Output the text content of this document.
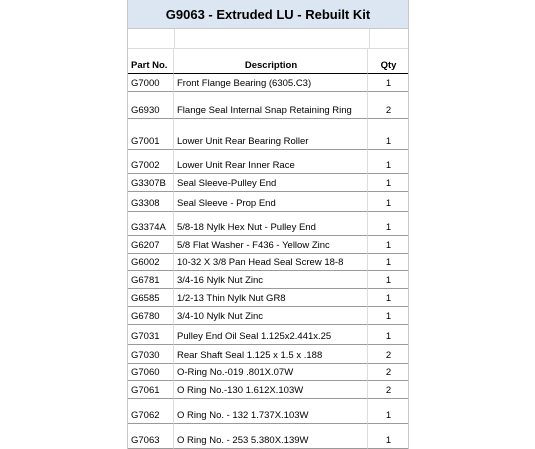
G9063 - Extruded LU - Rebuilt Kit
Part No.	Description	Qty
G7000	Front Flange Bearing (6305.C3)	1
G6930	Flange Seal Internal Snap Retaining Ring	2
G7001	Lower Unit Rear Bearing Roller	1
G7002	Lower Unit Rear Inner Race	1
G3307B	Seal Sleeve-Pulley End	1
G3308	Seal Sleeve - Prop End	1
G3374A	5/8-18 Nylk Hex Nut - Pulley End	1
G6207	5/8 Flat Washer - F436 - Yellow Zinc	1
G6002	10-32 X 3/8 Pan Head Seal Screw 18-8	1
G6781	3/4-16 Nylk Nut Zinc	1
G6585	1/2-13 Thin Nylk Nut GR8	1
G6780	3/4-10 Nylk Nut Zinc	1
G7031	Pulley End Oil Seal 1.125x2.441x.25	1
G7030	Rear Shaft Seal 1.125 x 1.5 x .188	2
G7060	O-Ring No.-019 .801X.07W	2
G7061	O Ring No.-130 1.612X.103W	2
G7062	O Ring No. - 132 1.737X.103W	1
G7063	O Ring No. - 253 5.380X.139W	1
